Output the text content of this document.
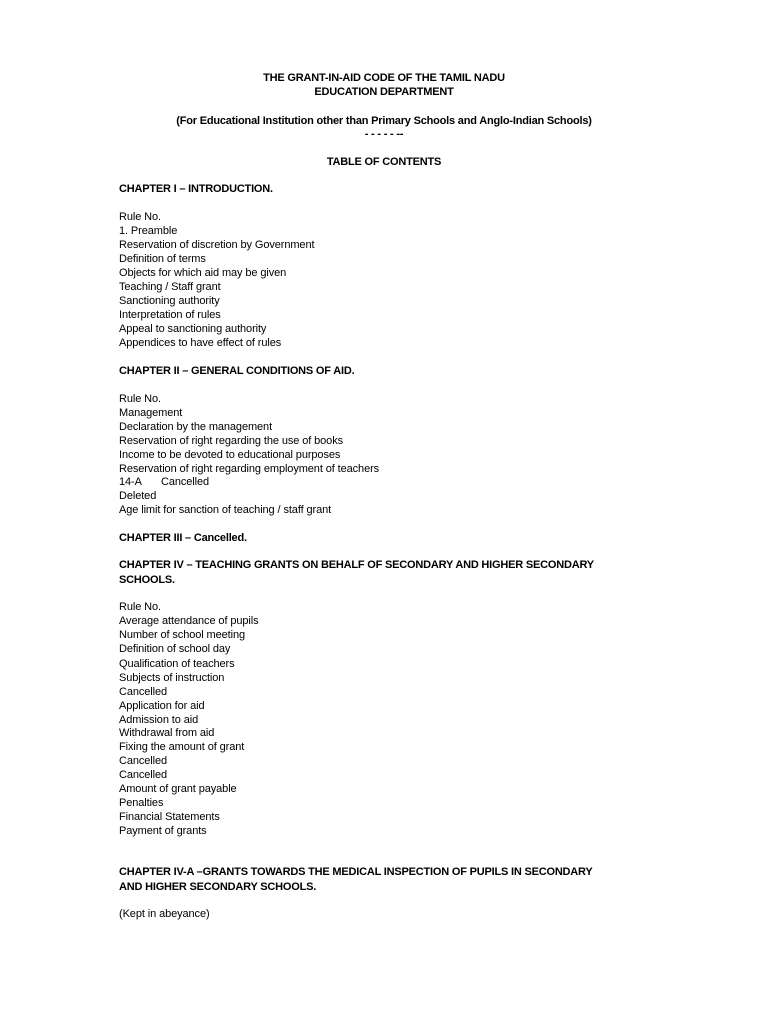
THE GRANT-IN-AID CODE OF THE TAMIL NADU
EDUCATION DEPARTMENT
(For Educational Institution other than Primary Schools and Anglo-Indian Schools)
- - - - - --
TABLE OF CONTENTS
CHAPTER I – INTRODUCTION.
Rule No.
1. Preamble
Reservation of discretion by Government
Definition of terms
Objects for which aid may be given
Teaching / Staff grant
Sanctioning authority
Interpretation of rules
Appeal to sanctioning authority
Appendices to have effect of rules
CHAPTER II – GENERAL CONDITIONS OF AID.
Rule No.
Management
Declaration by the management
Reservation of right regarding the use of books
Income to be devoted to educational purposes
Reservation of right regarding employment of teachers
14-A Cancelled
Deleted
Age limit for sanction of teaching / staff grant
CHAPTER III – Cancelled.
CHAPTER IV – TEACHING GRANTS ON BEHALF OF SECONDARY AND HIGHER SECONDARY SCHOOLS.
Rule No.
Average attendance of pupils
Number of school meeting
Definition of school day
Qualification of teachers
Subjects of instruction
Cancelled
Application for aid
Admission to aid
Withdrawal from aid
Fixing the amount of grant
Cancelled
Cancelled
Amount of grant payable
Penalties
Financial Statements
Payment of grants
CHAPTER IV-A –GRANTS TOWARDS THE MEDICAL INSPECTION OF PUPILS IN SECONDARY AND HIGHER SECONDARY SCHOOLS.
(Kept in abeyance)
